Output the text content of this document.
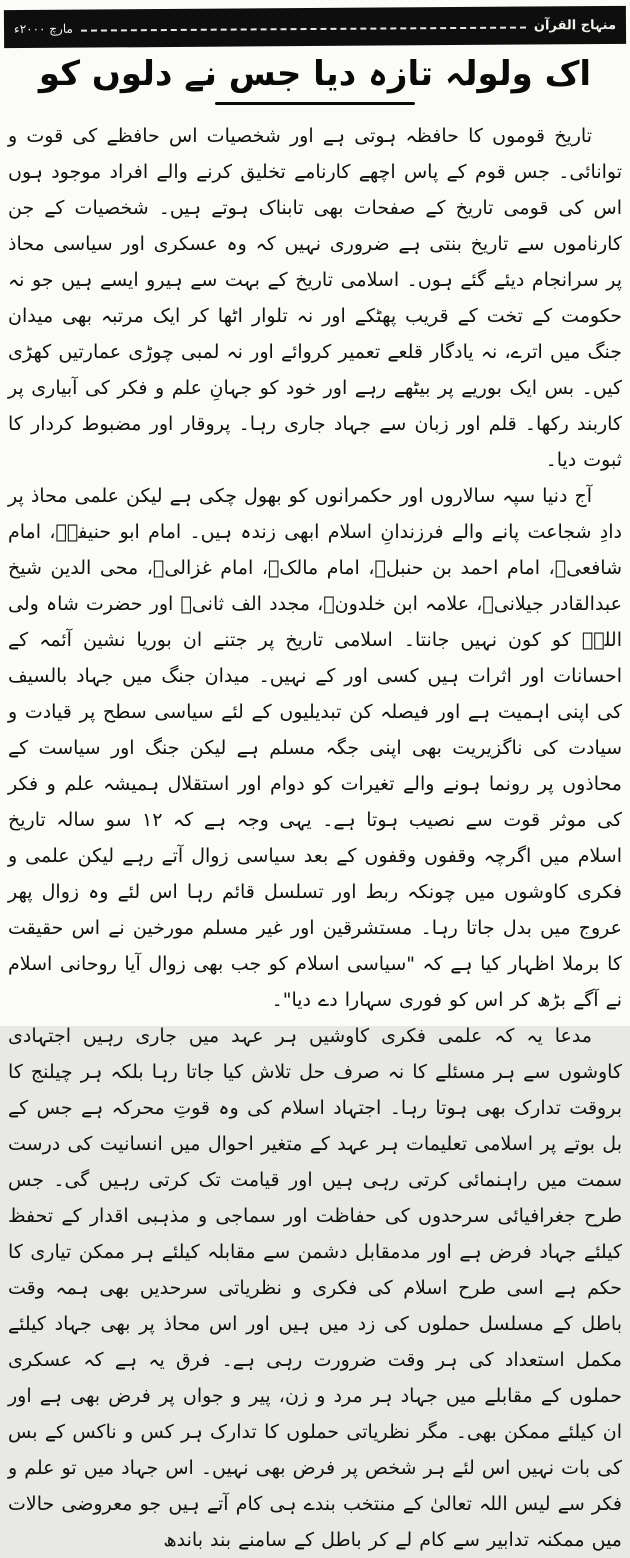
منہاج القرآن
مارچ ۲۰۰۰ء
اک ولولہ تازہ دیا جس نے دلوں کو

تاریخ قوموں کا حافظہ ہوتی ہے اور شخصیات اس حافظے کی قوت و توانائی۔ جس قوم کے پاس اچھے کارنامے تخلیق کرنے والے افراد موجود ہوں اس کی قومی تاریخ کے صفحات بھی تابناک ہوتے ہیں۔ شخصیات کے جن کارناموں سے تاریخ بنتی ہے ضروری نہیں کہ وہ عسکری اور سیاسی محاذ پر سرانجام دیئے گئے ہوں۔ اسلامی تاریخ کے بہت سے ہیرو ایسے ہیں جو نہ حکومت کے تخت کے قریب پھٹکے اور نہ تلوار اٹھا کر ایک مرتبہ بھی میدان جنگ میں اترے، نہ یادگار قلعے تعمیر کروائے اور نہ لمبی چوڑی عمارتیں کھڑی کیں۔ بس ایک بوریے پر بیٹھے رہے اور خود کو جہانِ علم و فکر کی آبیاری پر کاربند رکھا۔ قلم اور زبان سے جہاد جاری رہا۔ پروقار اور مضبوط کردار کا ثبوت دیا۔

آج دنیا سپہ سالاروں اور حکمرانوں کو بھول چکی ہے لیکن علمی محاذ پر دادِ شجاعت پانے والے فرزندانِ اسلام ابھی زندہ ہیں۔ امام ابو حنیفہؒ، امام شافعیؒ، امام احمد بن حنبلؒ، امام مالکؒ، امام غزالیؒ، محی الدین شیخ عبدالقادر جیلانیؒ، علامہ ابن خلدونؒ، مجدد الف ثانیؒ اور حضرت شاہ ولی اللہؒ کو کون نہیں جانتا۔ اسلامی تاریخ پر جتنے ان بوریا نشین آئمہ کے احسانات اور اثرات ہیں کسی اور کے نہیں۔ میدان جنگ میں جہاد بالسیف کی اپنی اہمیت ہے اور فیصلہ کن تبدیلیوں کے لئے سیاسی سطح پر قیادت و سیادت کی ناگزیریت بھی اپنی جگہ مسلم ہے لیکن جنگ اور سیاست کے محاذوں پر رونما ہونے والے تغیرات کو دوام اور استقلال ہمیشہ علم و فکر کی موثر قوت سے نصیب ہوتا ہے۔ یہی وجہ ہے کہ ۱۲ سو سالہ تاریخ اسلام میں اگرچہ وقفوں وقفوں کے بعد سیاسی زوال آتے رہے لیکن علمی و فکری کاوشوں میں چونکہ ربط اور تسلسل قائم رہا اس لئے وہ زوال پھر عروج میں بدل جاتا رہا۔ مستشرقین اور غیر مسلم مورخین نے اس حقیقت کا برملا اظہار کیا ہے کہ "سیاسی اسلام کو جب بھی زوال آیا روحانی اسلام نے آگے بڑھ کر اس کو فوری سہارا دے دیا"۔

مدعا یہ کہ علمی فکری کاوشیں ہر عہد میں جاری رہیں اجتہادی کاوشوں سے ہر مسئلے کا نہ صرف حل تلاش کیا جاتا رہا بلکہ ہر چیلنج کا بروقت تدارک بھی ہوتا رہا۔ اجتہاد اسلام کی وہ قوتِ محرکہ ہے جس کے بل بوتے پر اسلامی تعلیمات ہر عہد کے متغیر احوال میں انسانیت کی درست سمت میں راہنمائی کرتی رہی ہیں اور قیامت تک کرتی رہیں گی۔ جس طرح جغرافیائی سرحدوں کی حفاظت اور سماجی و مذہبی اقدار کے تحفظ کیلئے جہاد فرض ہے اور مدمقابل دشمن سے مقابلہ کیلئے ہر ممکن تیاری کا حکم ہے اسی طرح اسلام کی فکری و نظریاتی سرحدیں بھی ہمہ وقت باطل کے مسلسل حملوں کی زد میں ہیں اور اس محاذ پر بھی جہاد کیلئے مکمل استعداد کی ہر وقت ضرورت رہی ہے۔ فرق یہ ہے کہ عسکری حملوں کے مقابلے میں جہاد ہر مرد و زن، پیر و جواں پر فرض بھی ہے اور ان کیلئے ممکن بھی۔ مگر نظریاتی حملوں کا تدارک ہر کس و ناکس کے بس کی بات نہیں اس لئے ہر شخص پر فرض بھی نہیں۔ اس جہاد میں تو علم و فکر سے لیس اللہ تعالیٰ کے منتخب بندے ہی کام آتے ہیں جو معروضی حالات میں ممکنہ تدابیر سے کام لے کر باطل کے سامنے بند باندھ
